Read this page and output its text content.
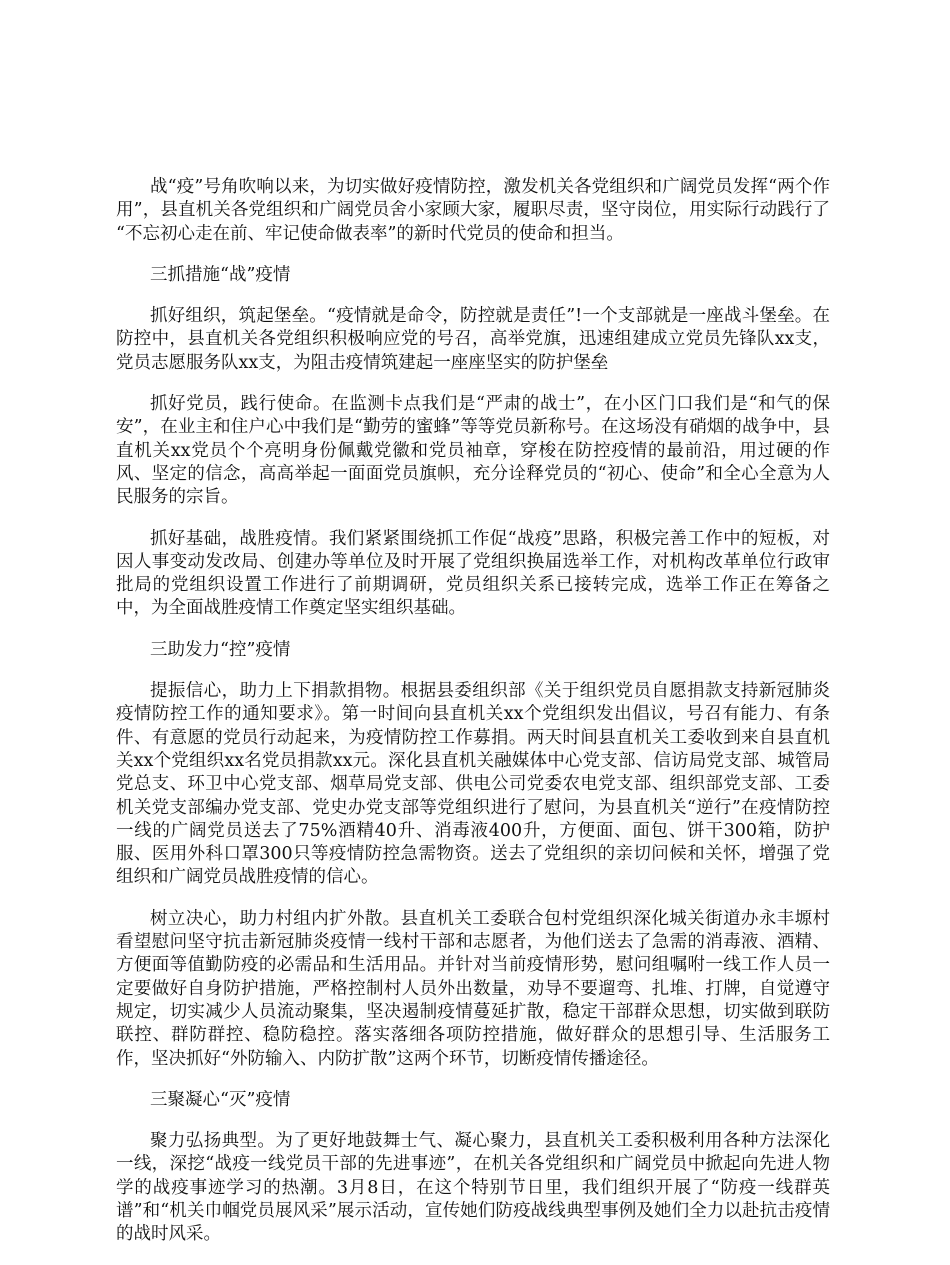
战“疫”号角吹响以来，为切实做好疫情防控，激发机关各党组织和广阔党员发挥“两个作用”，县直机关各党组织和广阔党员舍小家顾大家，履职尽责，坚守岗位，用实际行动践行了 “不忘初心走在前、牢记使命做表率”的新时代党员的使命和担当。

三抓措施“战”疫情

抓好组织，筑起堡垒。“疫情就是命令，防控就是责任”!一个支部就是一座战斗堡垒。在防控中，县直机关各党组织积极响应党的号召，高举党旗，迅速组建成立党员先锋队xx支，党员志愿服务队xx支，为阻击疫情筑建起一座座坚实的防护堡垒

抓好党员，践行使命。在监测卡点我们是“严肃的战士”，在小区门口我们是“和气的保安”，在业主和住户心中我们是“勤劳的蜜蜂”等等党员新称号。在这场没有硝烟的战争中，县直机关xx党员个个亮明身份佩戴党徽和党员袖章，穿梭在防控疫情的最前沿，用过硬的作风、坚定的信念，高高举起一面面党员旗帜，充分诠释党员的“初心、使命”和全心全意为人民服务的宗旨。

抓好基础，战胜疫情。我们紧紧围绕抓工作促“战疫”思路，积极完善工作中的短板，对因人事变动发改局、创建办等单位及时开展了党组织换届选举工作，对机构改革单位行政审批局的党组织设置工作进行了前期调研，党员组织关系已接转完成，选举工作正在筹备之中，为全面战胜疫情工作奠定坚实组织基础。

三助发力“控”疫情

提振信心，助力上下捐款捐物。根据县委组织部《关于组织党员自愿捐款支持新冠肺炎疫情防控工作的通知要求》。第一时间向县直机关xx个党组织发出倡议，号召有能力、有条件、有意愿的党员行动起来，为疫情防控工作募捐。两天时间县直机关工委收到来自县直机关xx个党组织xx名党员捐款xx元。深化县直机关融媒体中心党支部、信访局党支部、城管局党总支、环卫中心党支部、烟草局党支部、供电公司党委农电党支部、组织部党支部、工委机关党支部编办党支部、党史办党支部等党组织进行了慰问，为县直机关“逆行”在疫情防控一线的广阔党员送去了75%酒精40升、消毒液400升，方便面、面包、饼干300箱，防护服、医用外科口罩300只等疫情防控急需物资。送去了党组织的亲切问候和关怀，增强了党组织和广阔党员战胜疫情的信心。

树立决心，助力村组内扩外散。县直机关工委联合包村党组织深化城关街道办永丰塬村看望慰问坚守抗击新冠肺炎疫情一线村干部和志愿者，为他们送去了急需的消毒液、酒精、方便面等值勤防疫的必需品和生活用品。并针对当前疫情形势，慰问组嘱咐一线工作人员一定要做好自身防护措施，严格控制村人员外出数量，劝导不要遛弯、扎堆、打牌，自觉遵守规定，切实减少人员流动聚集，坚决遏制疫情蔓延扩散，稳定干部群众思想，切实做到联防联控、群防群控、稳防稳控。落实落细各项防控措施，做好群众的思想引导、生活服务工作，坚决抓好“外防输入、内防扩散”这两个环节，切断疫情传播途径。

三聚凝心“灭”疫情

聚力弘扬典型。为了更好地鼓舞士气、凝心聚力，县直机关工委积极利用各种方法深化一线，深挖“战疫一线党员干部的先进事迹”，在机关各党组织和广阔党员中掀起向先进人物学的战疫事迹学习的热潮。3月8日，在这个特别节日里，我们组织开展了“防疫一线群英谱”和“机关巾帼党员展风采”展示活动，宣传她们防疫战线典型事例及她们全力以赴抗击疫情的战时风采。
